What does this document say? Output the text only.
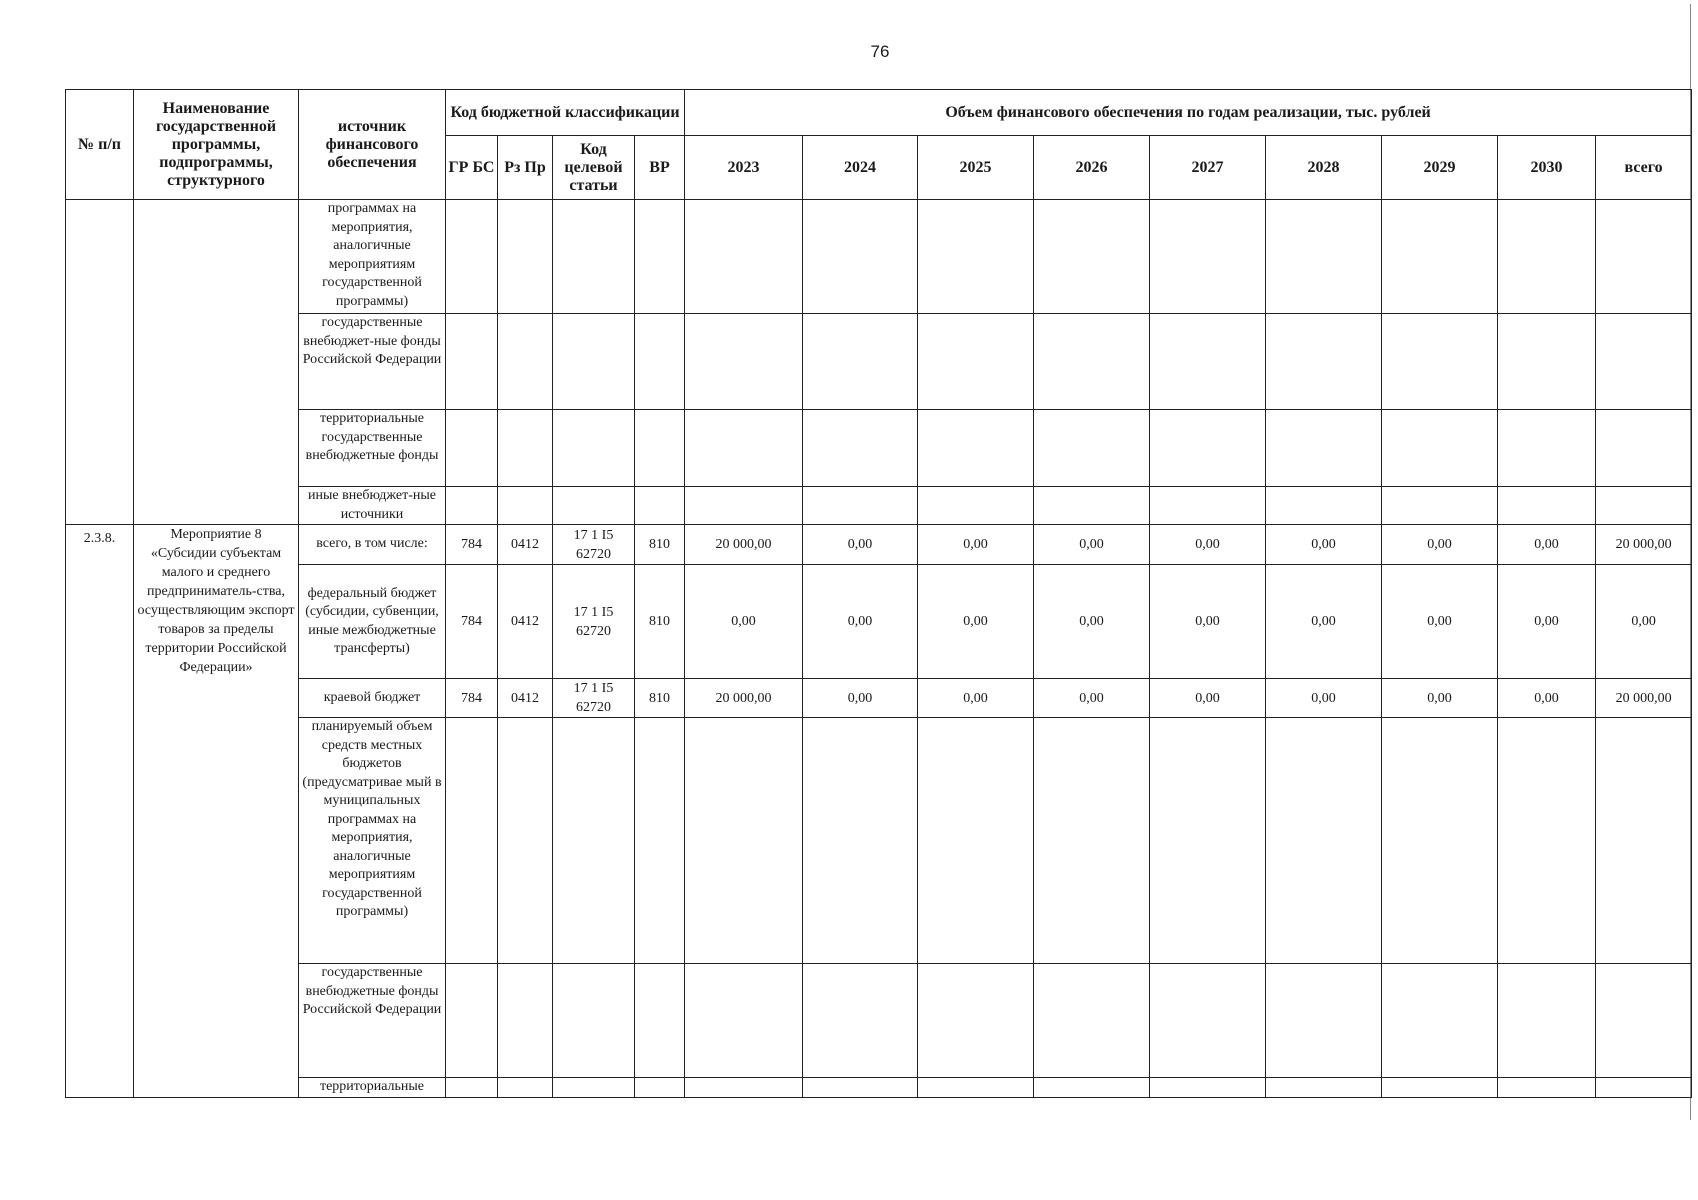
76
№ п/п	Наименование государственной программы, подпрограммы, структурного	источник финансового обеспечения	Код бюджетной классификации				Объем финансового обеспечения по годам реализации, тыс. рублей								
			ГР БС	Рз Пр	Код целевой статьи	ВР	2023	2024	2025	2026	2027	2028	2029	2030	всего
		программах на мероприятия, аналогичные мероприятиям государственной программы)													
		государственные внебюджет-ные фонды Российской Федерации													
		территориальные государственные внебюджетные фонды													
		иные внебюджет-ные источники													
2.3.8.	Мероприятие 8 «Субсидии субъектам малого и среднего предприниматель-ства, осуществляющим экспорт товаров за пределы территории Российской Федерации»	всего, в том числе:	784	0412	17 1 I5 62720	810	20 000,00	0,00	0,00	0,00	0,00	0,00	0,00	0,00	20 000,00
		федеральный бюджет (субсидии, субвенции, иные межбюджетные трансферты)	784	0412	17 1 I5 62720	810	0,00	0,00	0,00	0,00	0,00	0,00	0,00	0,00	0,00
		краевой бюджет	784	0412	17 1 I5 62720	810	20 000,00	0,00	0,00	0,00	0,00	0,00	0,00	0,00	20 000,00
		планируемый объем средств местных бюджетов (предусматривае мый в муниципальных программах на мероприятия, аналогичные мероприятиям государственной программы)													
		государственные внебюджетные фонды Российской Федерации													
		территориальные													
